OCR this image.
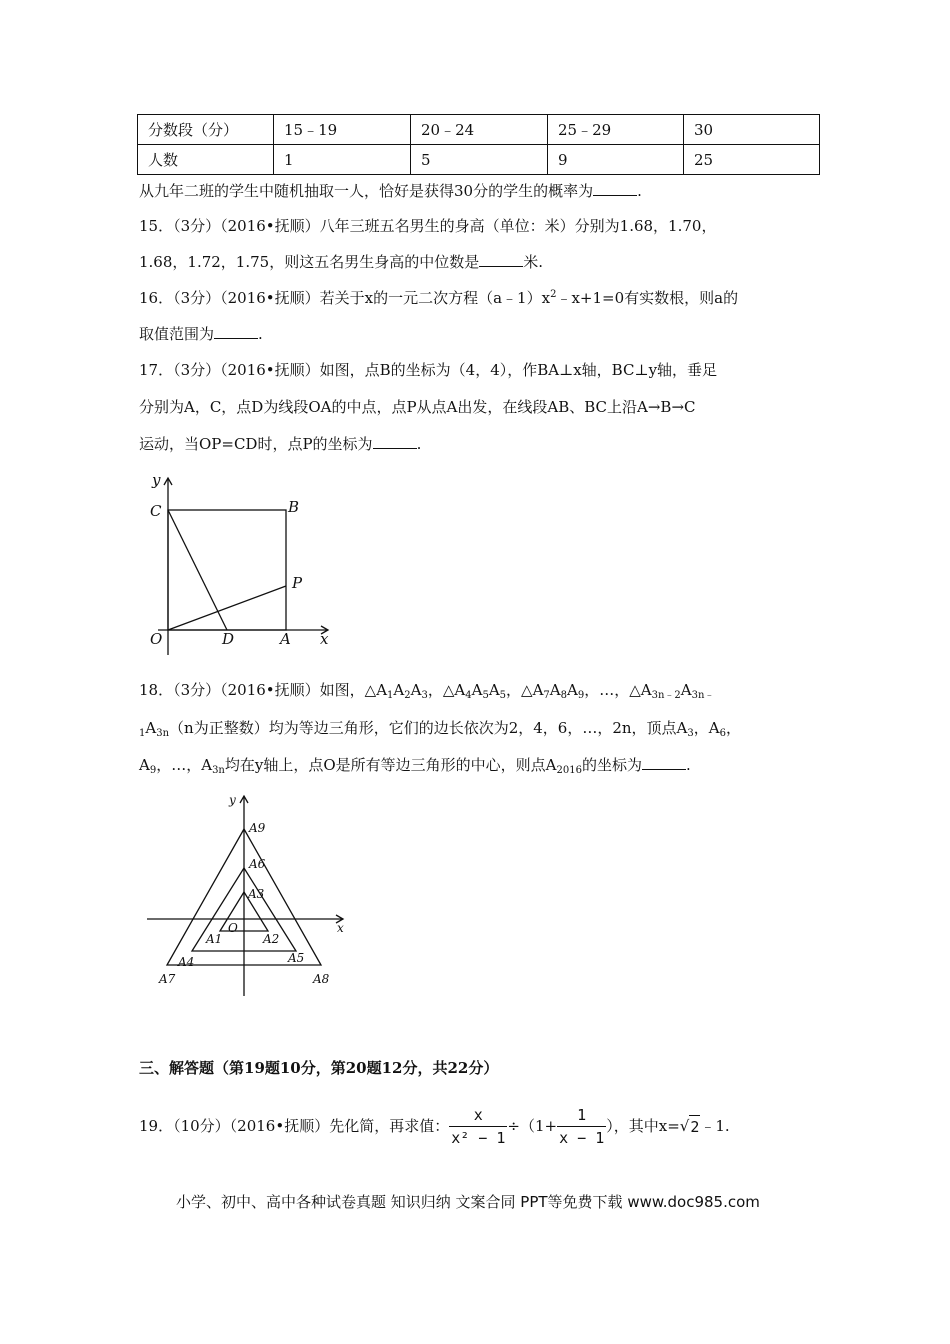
分数段（分）	15﹣19	20﹣24	25﹣29	30
人数	1	5	9	25
从九年二班的学生中随机抽取一人，恰好是获得30分的学生的概率为	.
15．（3分）（2016•抚顺）八年三班五名男生的身高（单位：米）分别为1.68，1.70，
1.68，1.72，1.75，则这五名男生身高的中位数是	米.
16．（3分）（2016•抚顺）若关于x的一元二次方程$(a﹣1)x^2﹣x+1=0$有实数根，则a的
取值范围为	.
17．（3分）（2016•抚顺）如图，点B的坐标为（4，4），作BA⊥x轴，BC⊥y轴，垂足
分别为A，C，点D为线段OA的中点，点P从点A出发，在线段AB、BC上沿A→B→C
运动，当OP=CD时，点P的坐标为	.
y
C	B
P
O	D	A x
18．（3分）（2016•抚顺）如图，$\triangle A_1A_2A_3$，$\triangle A_4A_5A_5$，$\triangle A_7A_8A_9$，…，$\triangle A_{3n﹣2}A_{3n﹣}$
$_1A_{3n}(n$为正整数）均为等边三角形，它们的边长依次为2，4，6，…，2n，顶点$A_3$，$A_6$，
$A_9$，…，$A_{3n}$均在y轴上，点O是所有等边三角形的中心，则点$A_{2016}$的坐标为	.
y
A9
A6
A3
O	x
A1	A2
A4	A5
A7	A8
三、解答题（第19题10分，第20题12分，共22分）
19．（10分）（2016•抚顺）先化简，再求值： $\frac{x}{\text{x² − 1}} \div(1+ \frac{1}{x - 1}$ ），其中x= √ 2 ﹣1.
小学、初中、高中各种试卷真题 知识归纳 文案合同 PPT等免费下载 www.doc985.com
